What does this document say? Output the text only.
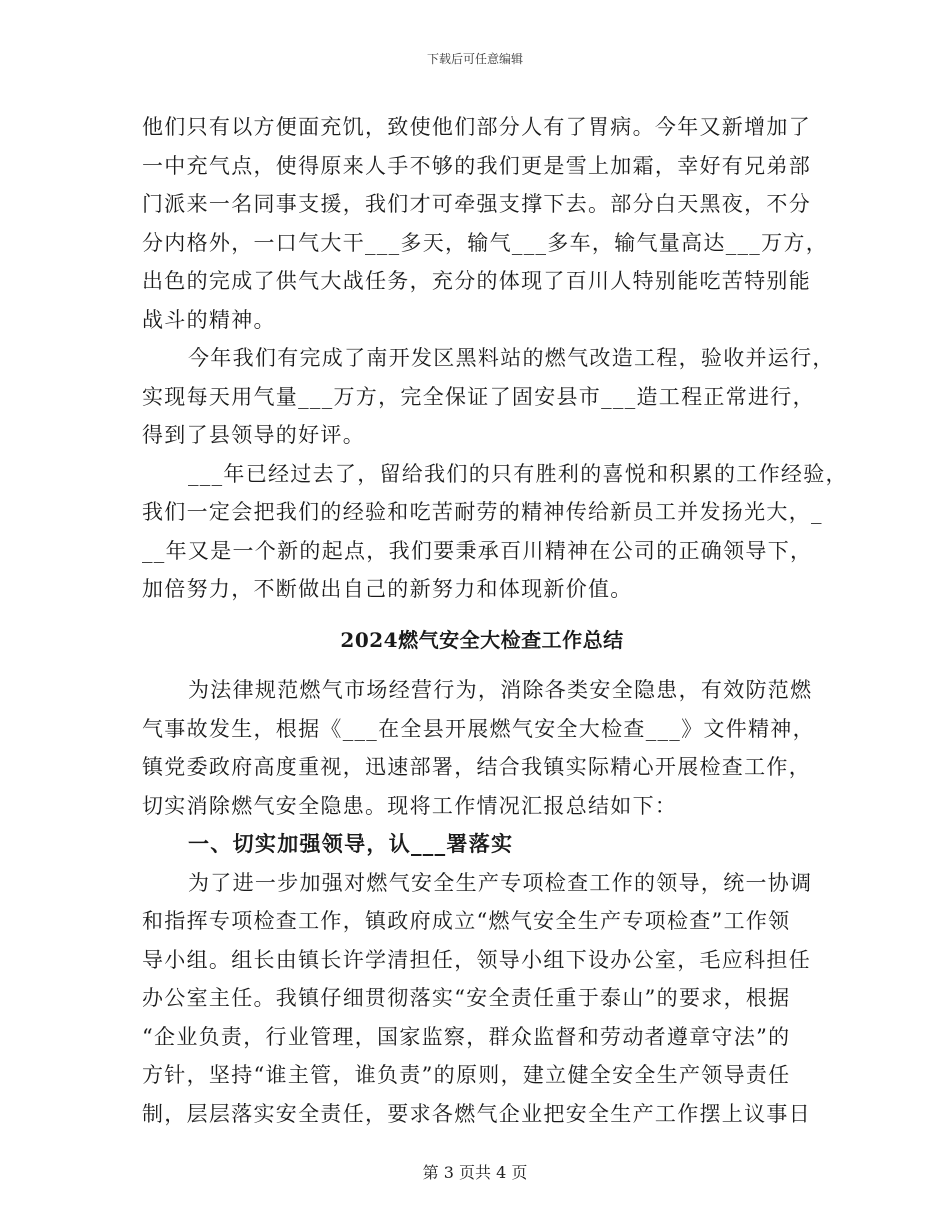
下载后可任意编辑
他们只有以方便面充饥，致使他们部分人有了胃病。今年又新增加了
一中充气点，使得原来人手不够的我们更是雪上加霜，幸好有兄弟部
门派来一名同事支援，我们才可牵强支撑下去。部分白天黑夜，不分
分内格外，一口气大干___多天，输气___多车，输气量高达___万方，
出色的完成了供气大战任务，充分的体现了百川人特别能吃苦特别能
战斗的精神。
今年我们有完成了南开发区黑料站的燃气改造工程，验收并运行，
实现每天用气量___万方，完全保证了固安县市___造工程正常进行，
得到了县领导的好评。
___年已经过去了，留给我们的只有胜利的喜悦和积累的工作经验，
我们一定会把我们的经验和吃苦耐劳的精神传给新员工并发扬光大，_
__年又是一个新的起点，我们要秉承百川精神在公司的正确领导下，
加倍努力，不断做出自己的新努力和体现新价值。
2024燃气安全大检查工作总结
为法律规范燃气市场经营行为，消除各类安全隐患，有效防范燃
气事故发生，根据《___在全县开展燃气安全大检查___》文件精神，
镇党委政府高度重视，迅速部署，结合我镇实际精心开展检查工作，
切实消除燃气安全隐患。现将工作情况汇报总结如下：
一、切实加强领导，认___署落实
为了进一步加强对燃气安全生产专项检查工作的领导，统一协调
和指挥专项检查工作，镇政府成立“燃气安全生产专项检查”工作领
导小组。组长由镇长许学清担任，领导小组下设办公室，毛应科担任
办公室主任。我镇仔细贯彻落实“安全责任重于泰山”的要求，根据
“企业负责，行业管理，国家监察，群众监督和劳动者遵章守法”的
方针，坚持“谁主管，谁负责”的原则，建立健全安全生产领导责任
制，层层落实安全责任，要求各燃气企业把安全生产工作摆上议事日
第 3 页共 4 页
